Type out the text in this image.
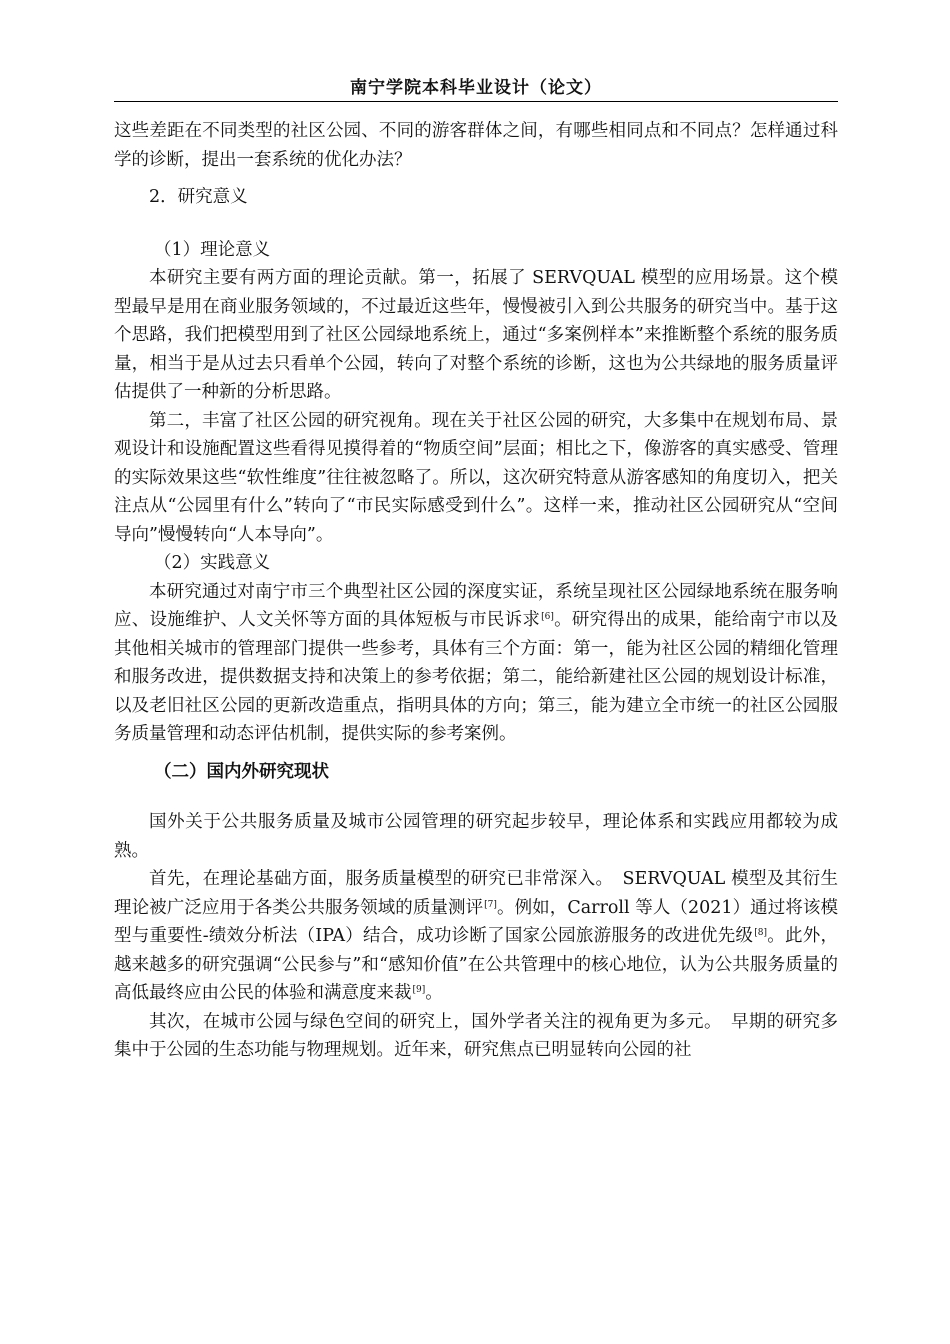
南宁学院本科毕业设计（论文）

这些差距在不同类型的社区公园、不同的游客群体之间，有哪些相同点和不同点？怎样通过科学的诊断，提出一套系统的优化办法？

2．研究意义

（1）理论意义

本研究主要有两方面的理论贡献。第一，拓展了 SERVQUAL 模型的应用场景。这个模型最早是用在商业服务领域的，不过最近这些年，慢慢被引入到公共服务的研究当中。基于这个思路，我们把模型用到了社区公园绿地系统上，通过“多案例样本”来推断整个系统的服务质量，相当于是从过去只看单个公园，转向了对整个系统的诊断，这也为公共绿地的服务质量评估提供了一种新的分析思路。

第二，丰富了社区公园的研究视角。现在关于社区公园的研究，大多集中在规划布局、景观设计和设施配置这些看得见摸得着的“物质空间”层面；相比之下，像游客的真实感受、管理的实际效果这些“软性维度”往往被忽略了。所以，这次研究特意从游客感知的角度切入，把关注点从“公园里有什么”转向了“市民实际感受到什么”。这样一来，推动社区公园研究从“空间导向”慢慢转向“人本导向”。

（2）实践意义

本研究通过对南宁市三个典型社区公园的深度实证，系统呈现社区公园绿地系统在服务响应、设施维护、人文关怀等方面的具体短板与市民诉求[6]。研究得出的成果，能给南宁市以及其他相关城市的管理部门提供一些参考，具体有三个方面：第一，能为社区公园的精细化管理和服务改进，提供数据支持和决策上的参考依据；第二，能给新建社区公园的规划设计标准，以及老旧社区公园的更新改造重点，指明具体的方向；第三，能为建立全市统一的社区公园服务质量管理和动态评估机制，提供实际的参考案例。

（二）国内外研究现状

国外关于公共服务质量及城市公园管理的研究起步较早，理论体系和实践应用都较为成熟。

首先，在理论基础方面，服务质量模型的研究已非常深入。　SERVQUAL 模型及其衍生理论被广泛应用于各类公共服务领域的质量测评[7]。例如，Carroll 等人（2021）通过将该模型与重要性-绩效分析法（IPA）结合，成功诊断了国家公园旅游服务的改进优先级[8]。此外，越来越多的研究强调“公民参与”和“感知价值”在公共管理中的核心地位，认为公共服务质量的高低最终应由公民的体验和满意度来裁[9]。

其次，在城市公园与绿色空间的研究上，国外学者关注的视角更为多元。　早期的研究多集中于公园的生态功能与物理规划。近年来，研究焦点已明显转向公园的社
